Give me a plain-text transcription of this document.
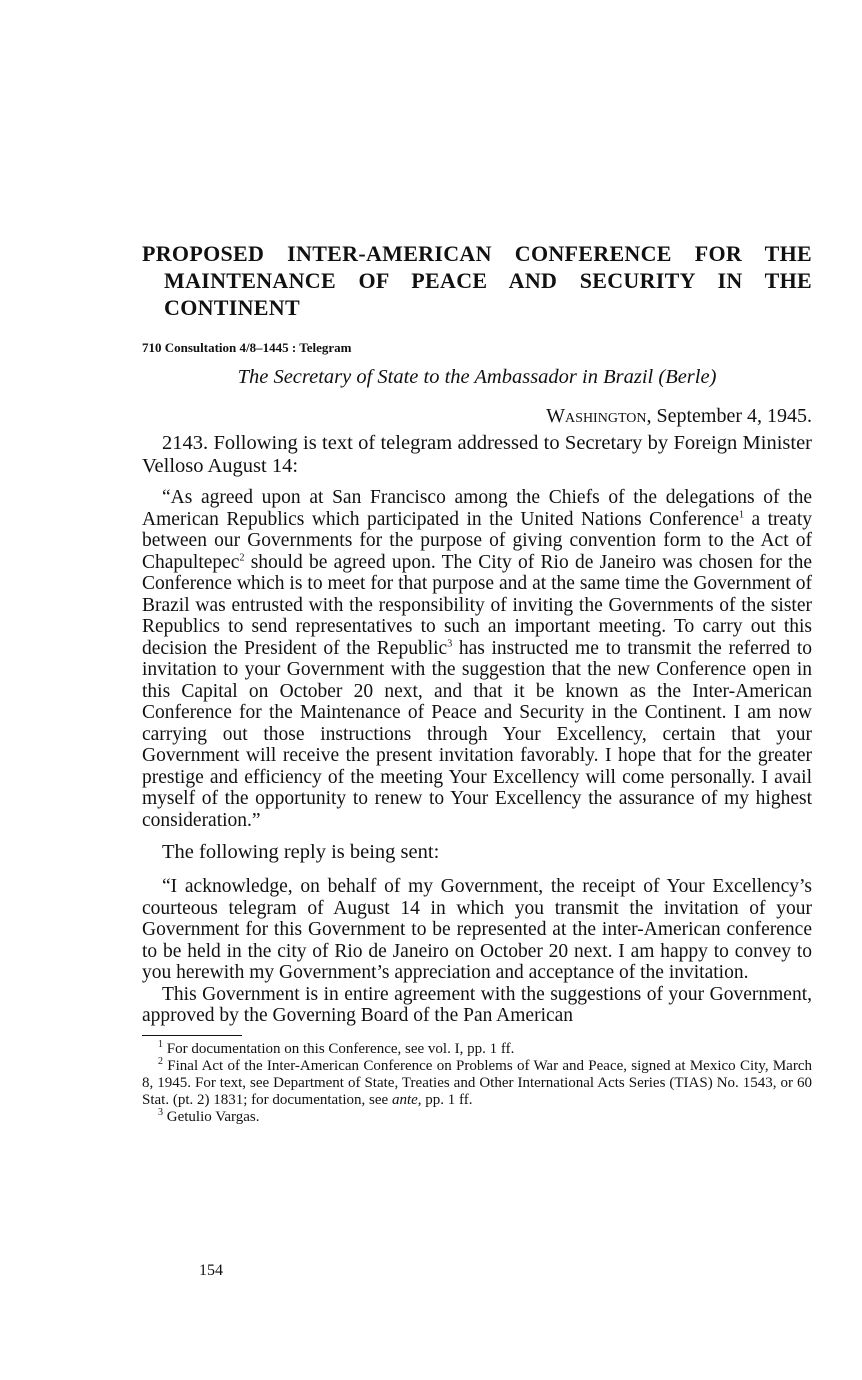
PROPOSED INTER-AMERICAN CONFERENCE FOR THE MAINTENANCE OF PEACE AND SECURITY IN THE CONTINENT
710 Consultation 4/8–1445 : Telegram
The Secretary of State to the Ambassador in Brazil (Berle)
Washington, September 4, 1945.

2143. Following is text of telegram addressed to Secretary by Foreign Minister Velloso August 14:

“As agreed upon at San Francisco among the Chiefs of the delegations of the American Republics which participated in the United Nations Conference$^1$ a treaty between our Governments for the purpose of giving convention form to the Act of Chapultepec$^2$ should be agreed upon. The City of Rio de Janeiro was chosen for the Conference which is to meet for that purpose and at the same time the Government of Brazil was entrusted with the responsibility of inviting the Governments of the sister Republics to send representatives to such an important meeting. To carry out this decision the President of the Republic$^3$ has instructed me to transmit the referred to invitation to your Government with the suggestion that the new Conference open in this Capital on October 20 next, and that it be known as the Inter-American Conference for the Maintenance of Peace and Security in the Continent. I am now carrying out those instructions through Your Excellency, certain that your Government will receive the present invitation favorably. I hope that for the greater prestige and efficiency of the meeting Your Excellency will come personally. I avail myself of the opportunity to renew to Your Excellency the assurance of my highest consideration.”

The following reply is being sent:

“I acknowledge, on behalf of my Government, the receipt of Your Excellency’s courteous telegram of August 14 in which you transmit the invitation of your Government for this Government to be represented at the inter-American conference to be held in the city of Rio de Janeiro on October 20 next. I am happy to convey to you herewith my Government’s appreciation and acceptance of the invitation.

This Government is in entire agreement with the suggestions of your Government, approved by the Governing Board of the Pan American

$^1$ For documentation on this Conference, see vol. I, pp. 1 ff.

$^2$ Final Act of the Inter-American Conference on Problems of War and Peace, signed at Mexico City, March 8, 1945. For text, see Department of State, Treaties and Other International Acts Series (TIAS) No. 1543, or 60 Stat. (pt. 2) 1831; for documentation, see ante, pp. 1 ff.

$^3$ Getulio Vargas.

154
